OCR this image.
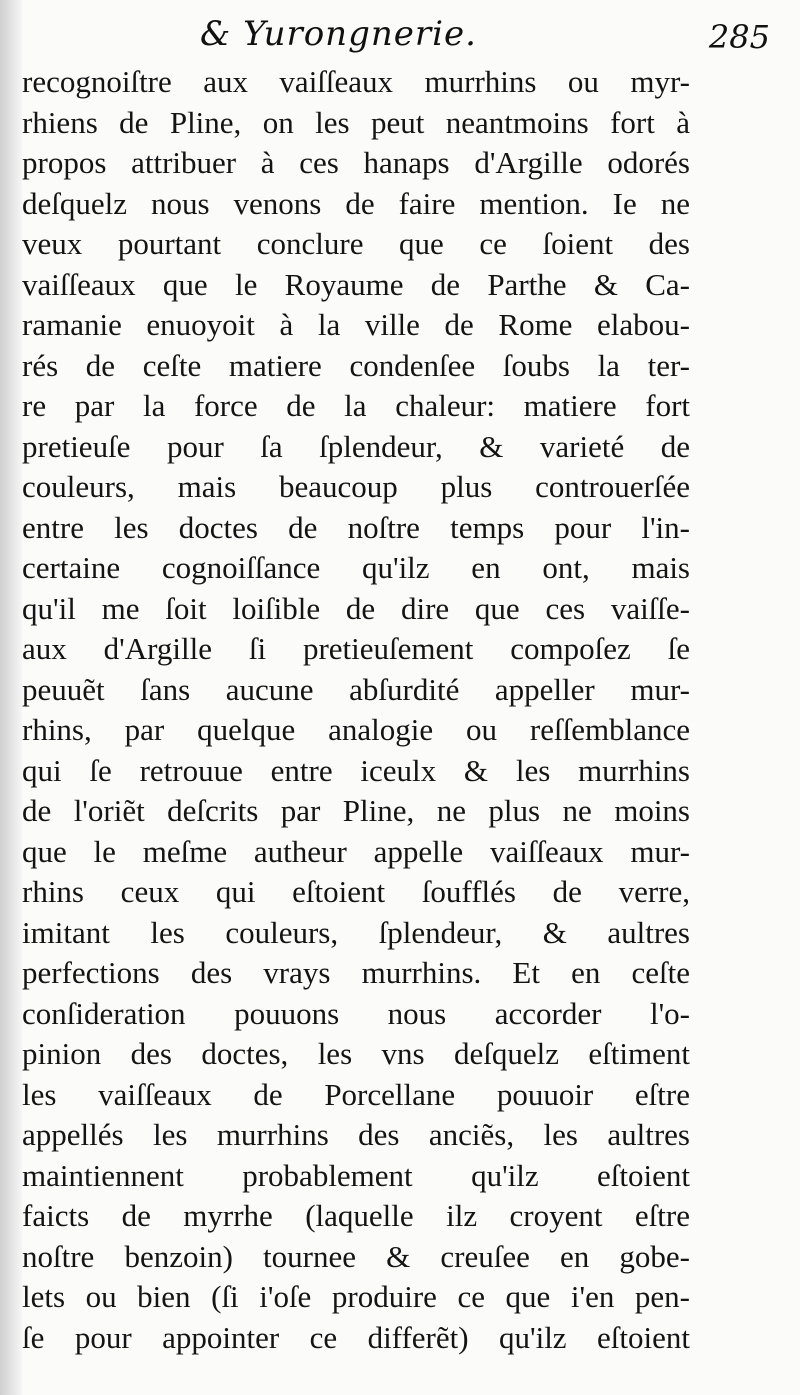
& Yurongnerie.	285
recognoiſtre aux vaiſſeaux murrhins ou myr-
rhiens de Pline, on les peut neantmoins fort à
propos attribuer à ces hanaps d'Argille odorés
deſquelz nous venons de faire mention. Ie ne
veux pourtant conclure que ce ſoient des
vaiſſeaux que le Royaume de Parthe & Ca-
ramanie enuoyoit à la ville de Rome elabou-
rés de ceſte matiere condenſee ſoubs la ter-
re par la force de la chaleur: matiere fort
pretieuſe pour ſa ſplendeur, & varieté de
couleurs, mais beaucoup plus controuerſée
entre les doctes de noſtre temps pour l'in-
certaine cognoiſſance qu'ilz en ont, mais
qu'il me ſoit loiſible de dire que ces vaiſſe-
aux d'Argille ſi pretieuſement compoſez ſe
peuuẽt ſans aucune abſurdité appeller mur-
rhins, par quelque analogie ou reſſemblance
qui ſe retrouue entre iceulx & les murrhins
de l'oriẽt deſcrits par Pline, ne plus ne moins
que le meſme autheur appelle vaiſſeaux mur-
rhins ceux qui eſtoient ſoufflés de verre,
imitant les couleurs, ſplendeur, & aultres
perfections des vrays murrhins. Et en ceſte
conſideration pouuons nous accorder l'o-
pinion des doctes, les vns deſquelz eſtiment
les vaiſſeaux de Porcellane pouuoir eſtre
appellés les murrhins des anciẽs, les aultres
maintiennent probablement qu'ilz eſtoient
faicts de myrrhe (laquelle ilz croyent eſtre
noſtre benzoin) tournee & creuſee en gobe-
lets ou bien (ſi i'oſe produire ce que i'en pen-
ſe pour appointer ce differẽt) qu'ilz eſtoient
